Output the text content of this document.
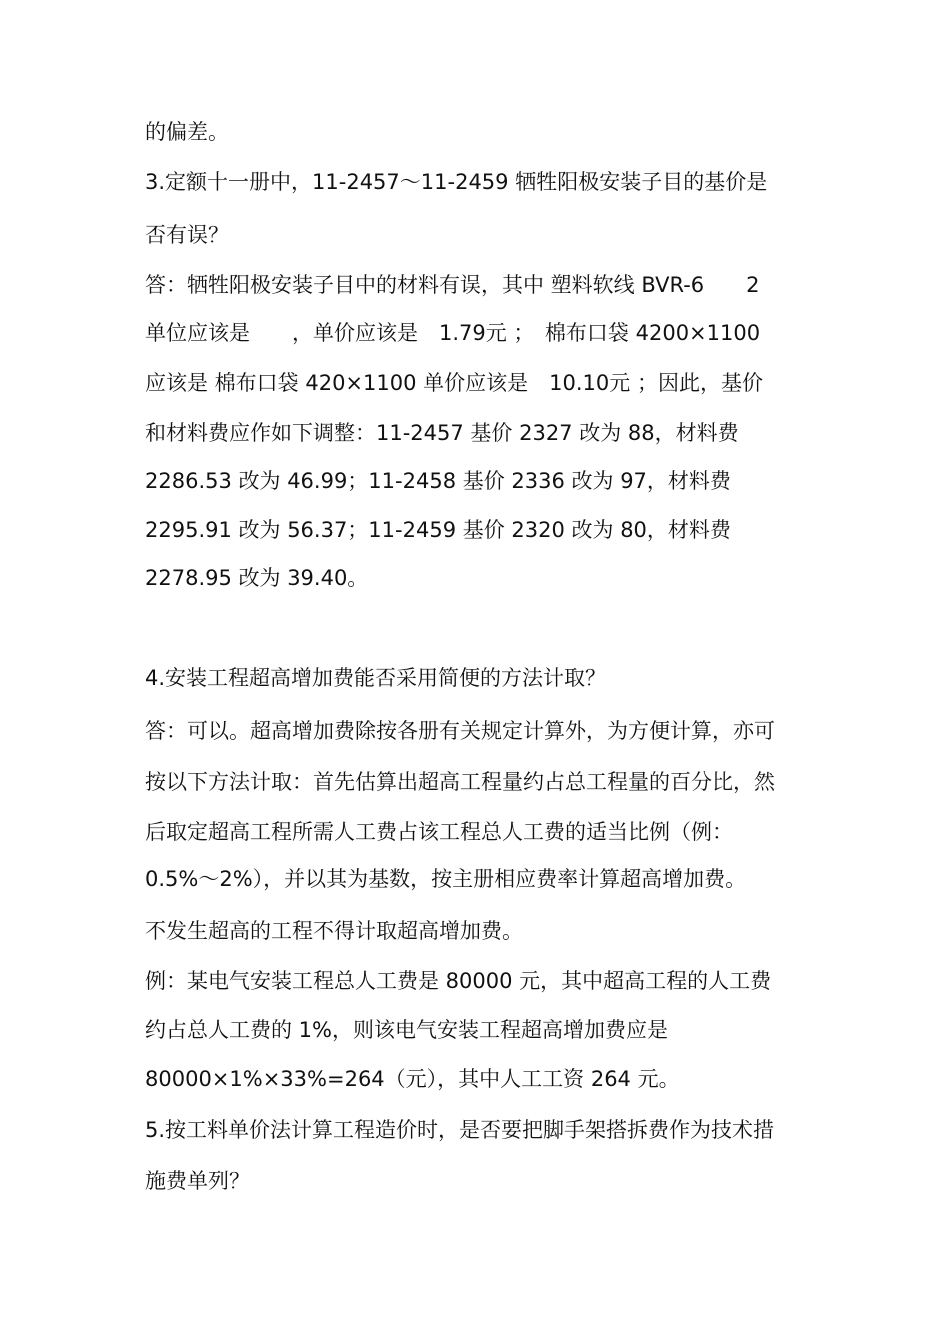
的偏差。
3.定额十一册中，11-2457～11-2459 牺牲阳极安装子目的基价是
否有误？
答：牺牲阳极安装子目中的材料有误，其中 塑料软线 BVR-6　　2
单位应该是　　，单价应该是　1.79元 ；　棉布口袋 4200×1100
应该是 棉布口袋 420×1100 单价应该是　10.10元 ；因此，基价
和材料费应作如下调整：11-2457 基价 2327 改为 88，材料费
2286.53 改为 46.99；11-2458 基价 2336 改为 97，材料费
2295.91 改为 56.37；11-2459 基价 2320 改为 80，材料费
2278.95 改为 39.40。
4.安装工程超高增加费能否采用简便的方法计取？
答：可以。超高增加费除按各册有关规定计算外，为方便计算，亦可
按以下方法计取：首先估算出超高工程量约占总工程量的百分比，然
后取定超高工程所需人工费占该工程总人工费的适当比例（例：
0.5%～2%），并以其为基数，按主册相应费率计算超高增加费。
不发生超高的工程不得计取超高增加费。
例：某电气安装工程总人工费是 80000 元，其中超高工程的人工费
约占总人工费的 1%，则该电气安装工程超高增加费应是
80000×1%×33%=264（元），其中人工工资 264 元。
5.按工料单价法计算工程造价时，是否要把脚手架搭拆费作为技术措
施费单列？
